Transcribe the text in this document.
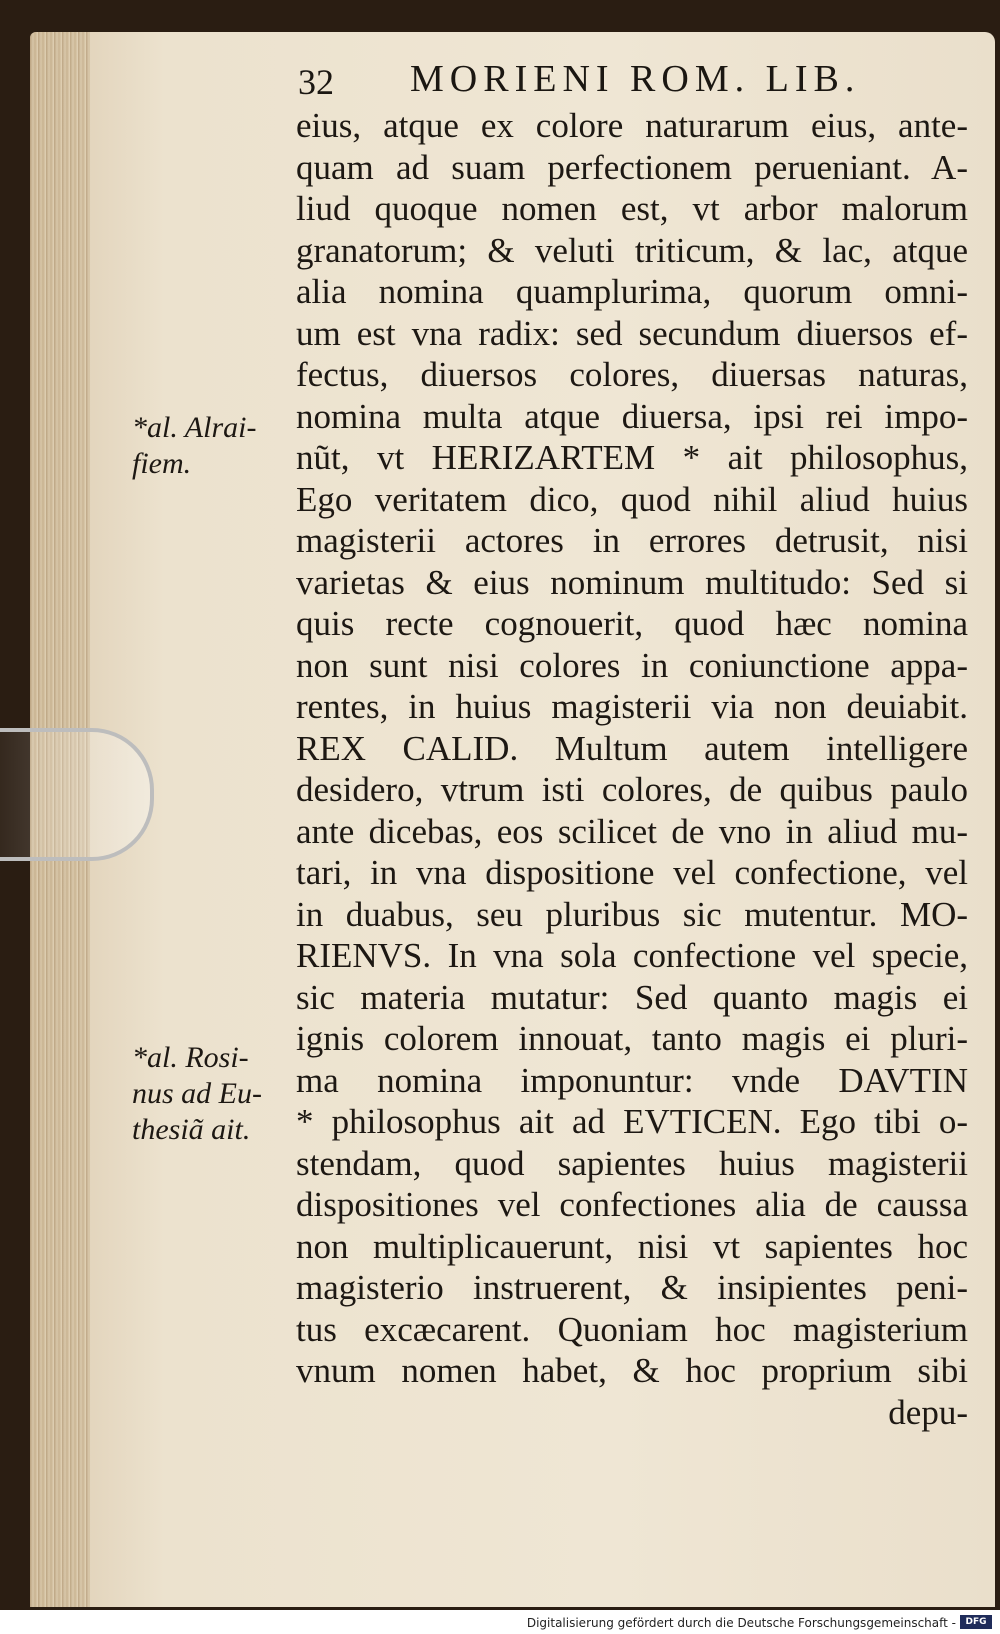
32 MORIENI ROM. LIB.
*al. Alrai-
fiem.
*al. Rosi-
nus ad Eu-
thesiã ait.
eius, atque ex colore naturarum eius, ante-
quam ad suam perfectionem perueniant. A-
liud quoque nomen est, vt arbor malorum
granatorum; & veluti triticum, & lac, atque
alia nomina quamplurima, quorum omni-
um est vna radix: sed secundum diuersos ef-
fectus, diuersos colores, diuersas naturas,
nomina multa atque diuersa, ipsi rei impo-
nũt, vt HERIZARTEM * ait philosophus,
Ego veritatem dico, quod nihil aliud huius
magisterii actores in errores detrusit, nisi
varietas & eius nominum multitudo: Sed si
quis recte cognouerit, quod hæc nomina
non sunt nisi colores in coniunctione appa-
rentes, in huius magisterii via non deuiabit.
REX CALID. Multum autem intelligere
desidero, vtrum isti colores, de quibus paulo
ante dicebas, eos scilicet de vno in aliud mu-
tari, in vna dispositione vel confectione, vel
in duabus, seu pluribus sic mutentur. MO-
RIENVS. In vna sola confectione vel specie,
sic materia mutatur: Sed quanto magis ei
ignis colorem innouat, tanto magis ei pluri-
ma nomina imponuntur: vnde DAVTIN
* philosophus ait ad EVTICEN. Ego tibi o-
stendam, quod sapientes huius magisterii
dispositiones vel confectiones alia de caussa
non multiplicauerunt, nisi vt sapientes hoc
magisterio instruerent, & insipientes peni-
tus excæcarent. Quoniam hoc magisterium
vnum nomen habet, & hoc proprium sibi
depu-
Digitalisierung gefördert durch die Deutsche Forschungsgemeinschaft -	DFG
